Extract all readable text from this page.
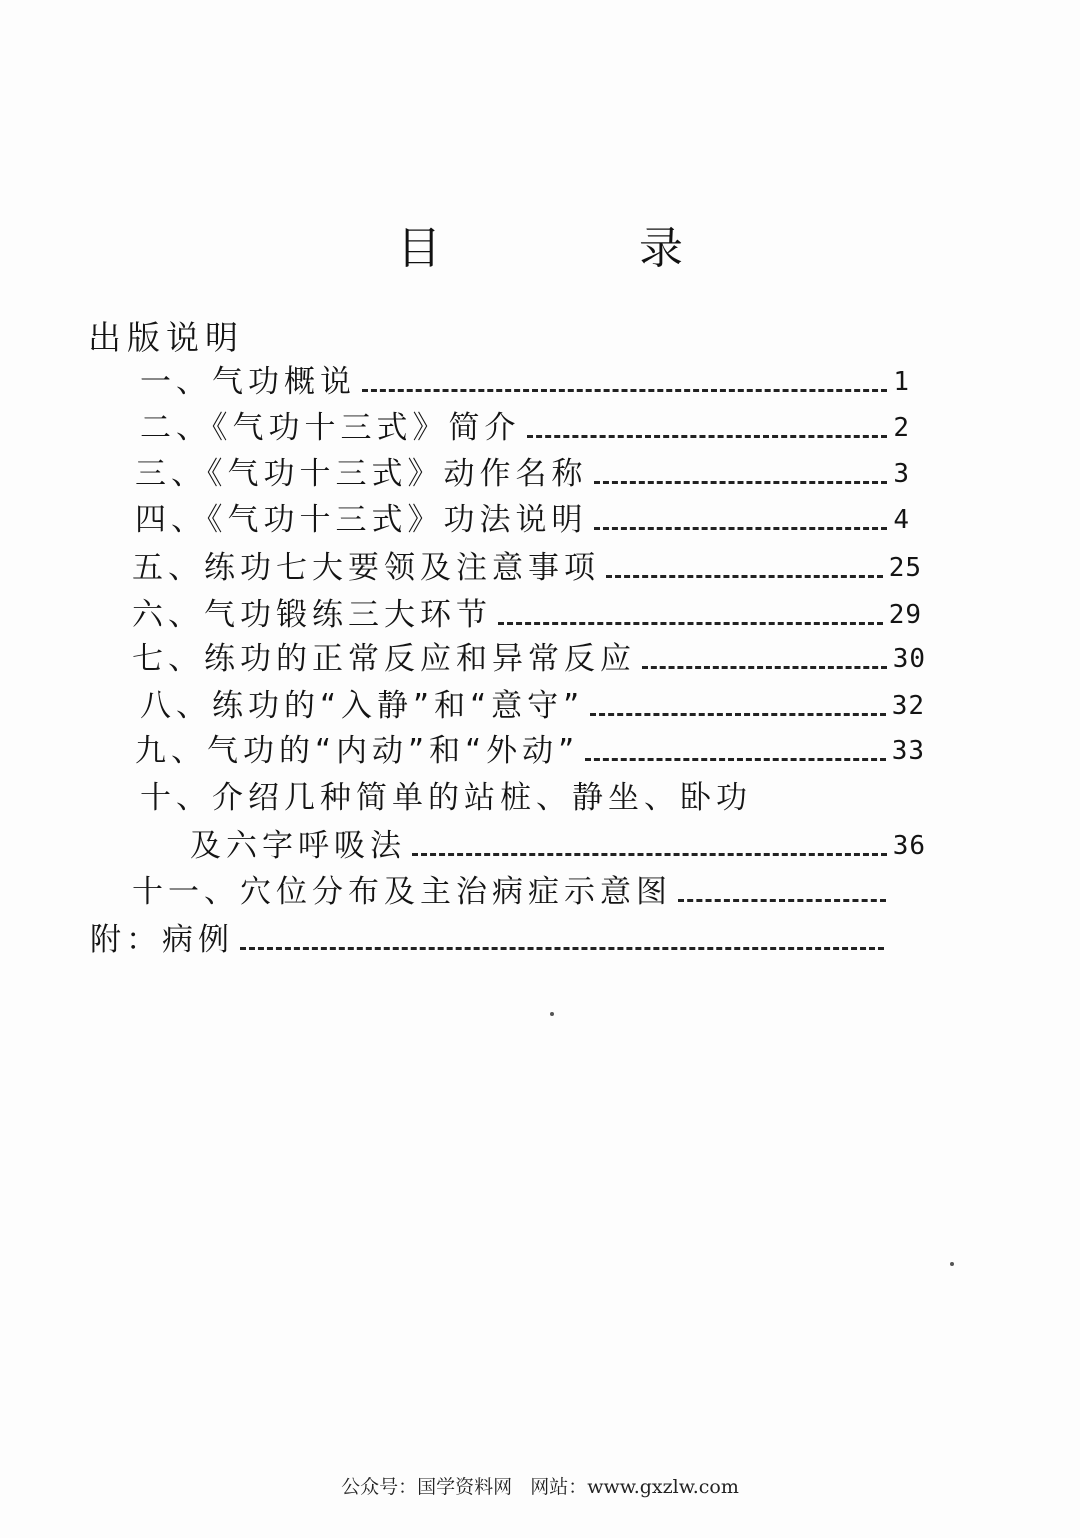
目 录
出版说明
一、气功概说	1
二、《气功十三式》简介	2
三、《气功十三式》动作名称	3
四、《气功十三式》功法说明	4
五、练功七大要领及注意事项	25
六、气功锻练三大环节	29
七、练功的正常反应和异常反应	30
八、练功的“入静”和“意守”	32
九、气功的“内动”和“外动”	33
十、介绍几种简单的站桩、静坐、卧功
及六字呼吸法	36
十一、穴位分布及主治病症示意图
附：病例
公众号：国学资料网 网站：www.gxzlw.com
